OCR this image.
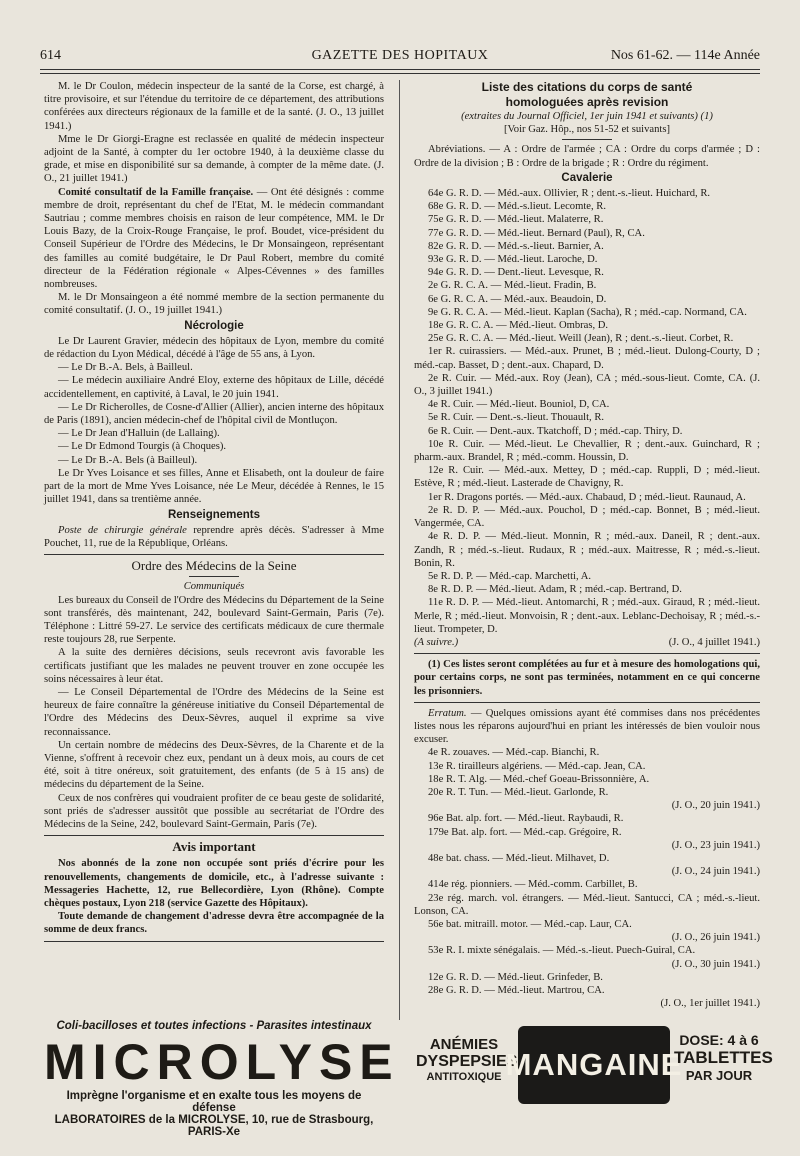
614	GAZETTE DES HOPITAUX	Nos 61-62. — 114e Année

M. le Dr Coulon, médecin inspecteur de la santé de la Corse, est chargé, à titre provisoire, et sur l'étendue du territoire de ce département, des attributions conférées aux directeurs régionaux de la famille et de la santé. (J. O., 13 juillet 1941.)

Mme le Dr Giorgi-Eragne est reclassée en qualité de médecin inspecteur adjoint de la Santé, à compter du 1er octobre 1940, à la deuxième classe du grade, et mise en disponibilité sur sa demande, à compter de la même date. (J. O., 21 juillet 1941.)

Comité consultatif de la Famille française. — Ont été désignés : comme membre de droit, représentant du chef de l'Etat, M. le médecin commandant Sautriau ; comme membres choisis en raison de leur compétence, MM. le Dr Louis Bazy, de la Croix-Rouge Française, le prof. Boudet, vice-président du Conseil Supérieur de l'Ordre des Médecins, le Dr Monsaingeon, représentant des familles au comité budgétaire, le Dr Paul Robert, membre du comité directeur de la Fédération régionale « Alpes-Cévennes » des familles nombreuses.

M. le Dr Monsaingeon a été nommé membre de la section permanente du comité consultatif. (J. O., 19 juillet 1941.)

Nécrologie

Le Dr Laurent Gravier, médecin des hôpitaux de Lyon, membre du comité de rédaction du Lyon Médical, décédé à l'âge de 55 ans, à Lyon.

— Le Dr B.-A. Bels, à Bailleul.

— Le médecin auxiliaire André Eloy, externe des hôpitaux de Lille, décédé accidentellement, en captivité, à Laval, le 20 juin 1941.

— Le Dr Richerolles, de Cosne-d'Allier (Allier), ancien interne des hôpitaux de Paris (1891), ancien médecin-chef de l'hôpital civil de Montluçon.

— Le Dr Jean d'Halluin (de Lallaing).

— Le Dr Edmond Tourgis (à Choques).

— Le Dr B.-A. Bels (à Bailleul).

Le Dr Yves Loisance et ses filles, Anne et Elisabeth, ont la douleur de faire part de la mort de Mme Yves Loisance, née Le Meur, décédée à Rennes, le 15 juillet 1941, dans sa trentième année.

Renseignements

Poste de chirurgie générale reprendre après décès. S'adresser à Mme Pouchet, 11, rue de la République, Orléans.

Ordre des Médecins de la Seine

Communiqués

Les bureaux du Conseil de l'Ordre des Médecins du Département de la Seine sont transférés, dès maintenant, 242, boulevard Saint-Germain, Paris (7e). Téléphone : Littré 59-27. Le service des certificats médicaux de cure thermale reste toujours 28, rue Serpente.

A la suite des dernières décisions, seuls recevront avis favorable les certificats justifiant que les malades ne peuvent trouver en zone occupée les soins nécessaires à leur état.

— Le Conseil Départemental de l'Ordre des Médecins de la Seine est heureux de faire connaître la généreuse initiative du Conseil Départemental de l'Ordre des Médecins des Deux-Sèvres, auquel il exprime sa vive reconnaissance.

Un certain nombre de médecins des Deux-Sèvres, de la Charente et de la Vienne, s'offrent à recevoir chez eux, pendant un à deux mois, au cours de cet été, soit à titre onéreux, soit gratuitement, des enfants (de 5 à 15 ans) de médecins du département de la Seine.

Ceux de nos confrères qui voudraient profiter de ce beau geste de solidarité, sont priés de s'adresser aussitôt que possible au secrétariat de l'Ordre des Médecins de la Seine, 242, boulevard Saint-Germain, Paris (7e).

Avis important

Nos abonnés de la zone non occupée sont priés d'écrire pour les renouvellements, changements de domicile, etc., à l'adresse suivante : Messageries Hachette, 12, rue Bellecordière, Lyon (Rhône). Compte chèques postaux, Lyon 218 (service Gazette des Hôpitaux).

Toute demande de changement d'adresse devra être accompagnée de la somme de deux francs.

Liste des citations du corps de santé

homologuées après revision

(extraites du Journal Officiel, 1er juin 1941 et suivants) (1)

[Voir Gaz. Hôp., nos 51-52 et suivants]

Abréviations. — A : Ordre de l'armée ; CA : Ordre du corps d'armée ; D : Ordre de la division ; B : Ordre de la brigade ; R : Ordre du régiment.

Cavalerie

64e G. R. D. — Méd.-aux. Ollivier, R ; dent.-s.-lieut. Huichard, R.

68e G. R. D. — Méd.-s.lieut. Lecomte, R.

75e G. R. D. — Méd.-lieut. Malaterre, R.

77e G. R. D. — Méd.-lieut. Bernard (Paul), R, CA.

82e G. R. D. — Méd.-s.-lieut. Barnier, A.

93e G. R. D. — Méd.-lieut. Laroche, D.

94e G. R. D. — Dent.-lieut. Levesque, R.

2e G. R. C. A. — Méd.-lieut. Fradin, B.

6e G. R. C. A. — Méd.-aux. Beaudoin, D.

9e G. R. C. A. — Méd.-lieut. Kaplan (Sacha), R ; méd.-cap. Normand, CA.

18e G. R. C. A. — Méd.-lieut. Ombras, D.

25e G. R. C. A. — Méd.-lieut. Weill (Jean), R ; dent.-s.-lieut. Corbet, R.

1er R. cuirassiers. — Méd.-aux. Prunet, B ; méd.-lieut. Dulong-Courty, D ; méd.-cap. Basset, D ; dent.-aux. Chapard, D.

2e R. Cuir. — Méd.-aux. Roy (Jean), CA ; méd.-sous-lieut. Comte, CA. (J. O., 3 juillet 1941.)

4e R. Cuir. — Méd.-lieut. Bouniol, D, CA.

5e R. Cuir. — Dent.-s.-lieut. Thouault, R.

6e R. Cuir. — Dent.-aux. Tkatchoff, D ; méd.-cap. Thiry, D.

10e R. Cuir. — Méd.-lieut. Le Chevallier, R ; dent.-aux. Guinchard, R ; pharm.-aux. Brandel, R ; méd.-comm. Houssin, D.

12e R. Cuir. — Méd.-aux. Mettey, D ; méd.-cap. Ruppli, D ; méd.-lieut. Estève, R ; méd.-lieut. Lasterade de Chavigny, R.

1er R. Dragons portés. — Méd.-aux. Chabaud, D ; méd.-lieut. Raunaud, A.

2e R. D. P. — Méd.-aux. Pouchol, D ; méd.-cap. Bonnet, B ; méd.-lieut. Vangermée, CA.

4e R. D. P. — Méd.-lieut. Monnin, R ; méd.-aux. Daneil, R ; dent.-aux. Zandh, R ; méd.-s.-lieut. Rudaux, R ; méd.-aux. Maitresse, R ; méd.-s.-lieut. Bonin, R.

5e R. D. P. — Méd.-cap. Marchetti, A.

8e R. D. P. — Méd.-lieut. Adam, R ; méd.-cap. Bertrand, D.

11e R. D. P. — Méd.-lieut. Antomarchi, R ; méd.-aux. Giraud, R ; méd.-lieut. Merle, R ; méd.-lieut. Monvoisin, R ; dent.-aux. Leblanc-Dechoisay, R ; méd.-s.-lieut. Trompeter, D.

(A suivre.)	(J. O., 4 juillet 1941.)

(1) Ces listes seront complétées au fur et à mesure des homologations qui, pour certains corps, ne sont pas terminées, notamment en ce qui concerne les prisonniers.

Erratum. — Quelques omissions ayant été commises dans nos précédentes listes nous les réparons aujourd'hui en priant les intéressés de bien vouloir nous excuser.

4e R. zouaves. — Méd.-cap. Bianchi, R.

13e R. tirailleurs algériens. — Méd.-cap. Jean, CA.

18e R. T. Alg. — Méd.-chef Goeau-Brissonnière, A.

20e R. T. Tun. — Méd.-lieut. Garlonde, R.

(J. O., 20 juin 1941.)

96e Bat. alp. fort. — Méd.-lieut. Raybaudi, R.

179e Bat. alp. fort. — Méd.-cap. Grégoire, R.

(J. O., 23 juin 1941.)

48e bat. chass. — Méd.-lieut. Milhavet, D.

(J. O., 24 juin 1941.)

414e rég. pionniers. — Méd.-comm. Carbillet, B.

23e rég. march. vol. étrangers. — Méd.-lieut. Santucci, CA ; méd.-s.-lieut. Lonson, CA.

56e bat. mitraill. motor. — Méd.-cap. Laur, CA.

(J. O., 26 juin 1941.)

53e R. I. mixte sénégalais. — Méd.-s.-lieut. Puech-Guiral, CA.

(J. O., 30 juin 1941.)

12e G. R. D. — Méd.-lieut. Grinfeder, B.

28e G. R. D. — Méd.-lieut. Martrou, CA.

(J. O., 1er juillet 1941.)

Coli-bacilloses et toutes infections - Parasites intestinaux
MICROLYSE
Imprègne l'organisme et en exalte tous les moyens de défense
LABORATOIRES de la MICROLYSE, 10, rue de Strasbourg, PARIS-Xe
ANÉMIES
DYSPEPSIES
ANTITOXIQUE MANGAINE
DOSE: 4 à 6
TABLETTES
PAR JOUR
